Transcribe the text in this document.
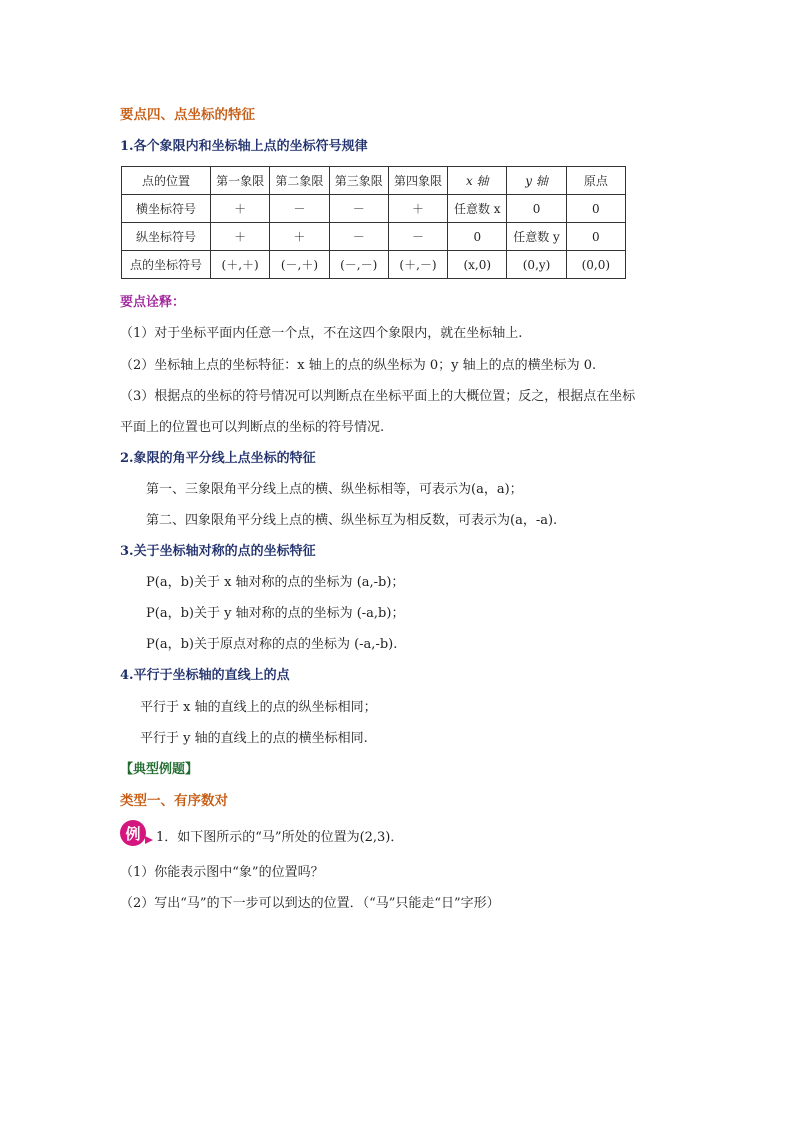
要点四、点坐标的特征
1.各个象限内和坐标轴上点的坐标符号规律
点的位置	第一象限	第二象限	第三象限	第四象限	x 轴	y 轴	原点
横坐标符号	＋	－	－	＋	任意数 x	0	0
纵坐标符号	＋	＋	－	－	0	任意数 y	0
点的坐标符号	(＋,＋)	(－,＋)	(－,－)	(＋,－)	(x,0)	(0,y)	(0,0)
要点诠释：
（1）对于坐标平面内任意一个点，不在这四个象限内，就在坐标轴上.
（2）坐标轴上点的坐标特征：x 轴上的点的纵坐标为 0；y 轴上的点的横坐标为 0.
（3）根据点的坐标的符号情况可以判断点在坐标平面上的大概位置；反之，根据点在坐标
平面上的位置也可以判断点的坐标的符号情况.
2.象限的角平分线上点坐标的特征
第一、三象限角平分线上点的横、纵坐标相等，可表示为(a，a)；
第二、四象限角平分线上点的横、纵坐标互为相反数，可表示为(a，-a).
3.关于坐标轴对称的点的坐标特征
P(a，b)关于 x 轴对称的点的坐标为 (a,-b)；
P(a，b)关于 y 轴对称的点的坐标为 (-a,b)；
P(a，b)关于原点对称的点的坐标为 (-a,-b).
4.平行于坐标轴的直线上的点
平行于 x 轴的直线上的点的纵坐标相同；
平行于 y 轴的直线上的点的横坐标相同.
【典型例题】
类型一、有序数对
例	1．如下图所示的“马”所处的位置为(2,3)．
（1）你能表示图中“象”的位置吗？
（2）写出“马”的下一步可以到达的位置．（“马”只能走“日”字形）
